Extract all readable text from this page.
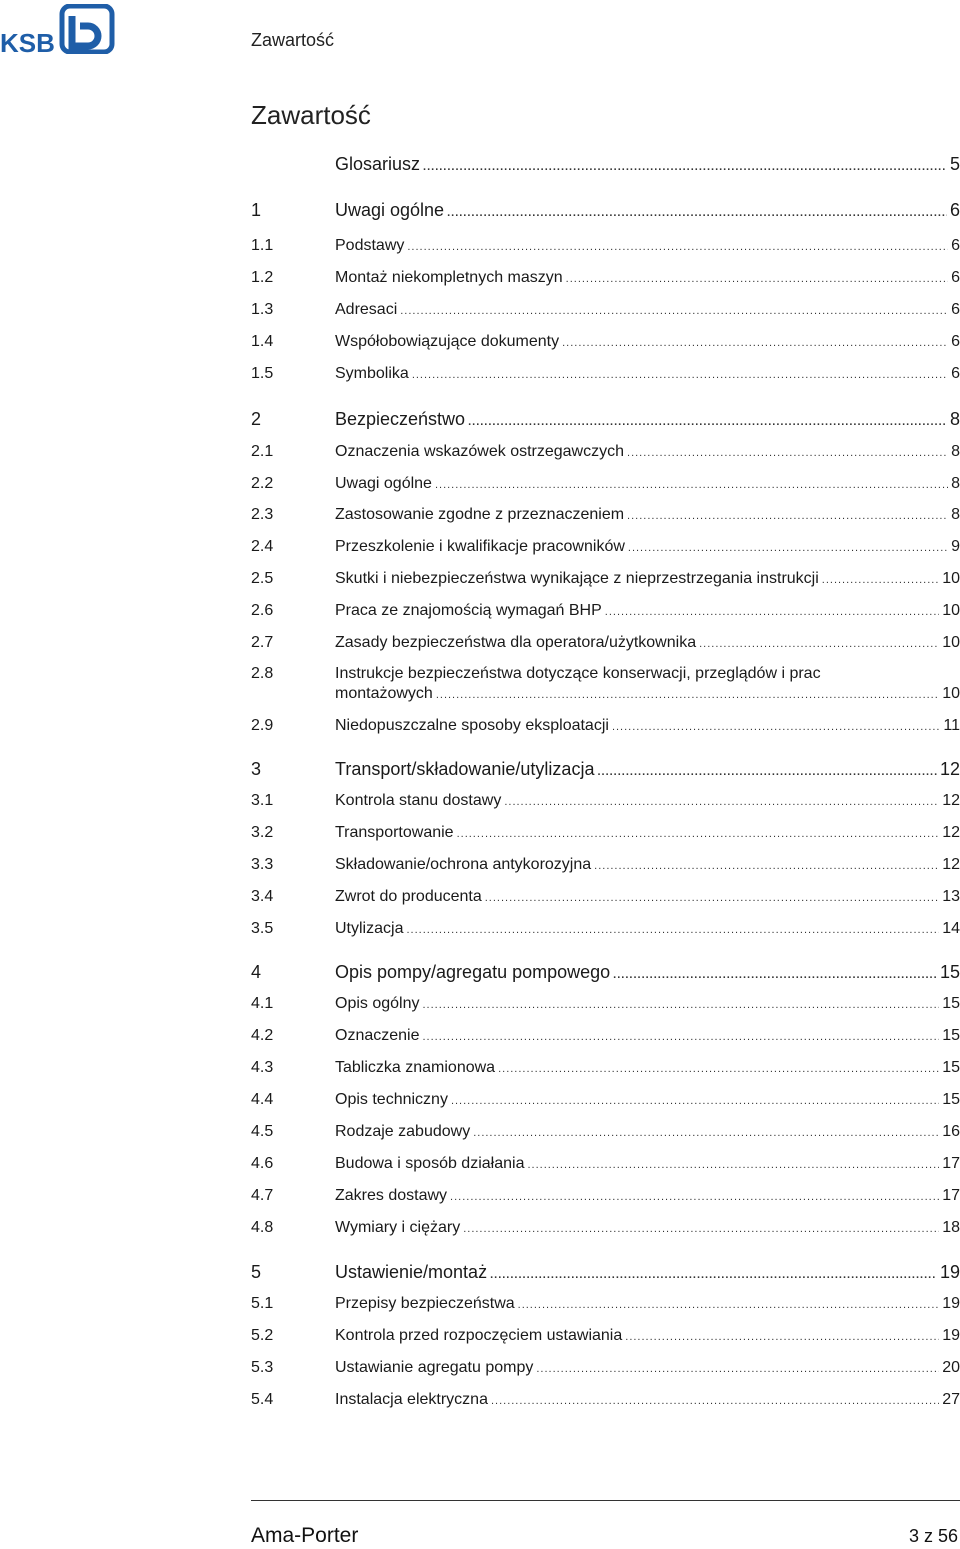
KSB	Zawartość
Zawartość
Glosariusz .....	5
1	Uwagi ogólne .....	6
1.1	Podstawy .....	6
1.2	Montaż niekompletnych maszyn .....	6
1.3	Adresaci .....	6
1.4	Współobowiązujące dokumenty .....	6
1.5	Symbolika .....	6
2	Bezpieczeństwo .....	8
2.1	Oznaczenia wskazówek ostrzegawczych .....	8
2.2	Uwagi ogólne .....	8
2.3	Zastosowanie zgodne z przeznaczeniem .....	8
2.4	Przeszkolenie i kwalifikacje pracowników .....	9
2.5	Skutki i niebezpieczeństwa wynikające z nieprzestrzegania instrukcji .....	10
2.6	Praca ze znajomością wymagań BHP .....	10
2.7	Zasady bezpieczeństwa dla operatora/użytkownika .....	10
2.8	Instrukcje bezpieczeństwa dotyczące konserwacji, przeglądów i prac
montażowych .....	10
2.9	Niedopuszczalne sposoby eksploatacji .....	11
3	Transport/składowanie/utylizacja .....	12
3.1	Kontrola stanu dostawy .....	12
3.2	Transportowanie .....	12
3.3	Składowanie/ochrona antykorozyjna .....	12
3.4	Zwrot do producenta .....	13
3.5	Utylizacja .....	14
4	Opis pompy/agregatu pompowego .....	15
4.1	Opis ogólny .....	15
4.2	Oznaczenie .....	15
4.3	Tabliczka znamionowa .....	15
4.4	Opis techniczny .....	15
4.5	Rodzaje zabudowy .....	16
4.6	Budowa i sposób działania .....	17
4.7	Zakres dostawy .....	17
4.8	Wymiary i ciężary .....	18
5	Ustawienie/montaż .....	19
5.1	Przepisy bezpieczeństwa .....	19
5.2	Kontrola przed rozpoczęciem ustawiania .....	19
5.3	Ustawianie agregatu pompy .....	20
5.4	Instalacja elektryczna .....	27
Ama-Porter	3 z 56
